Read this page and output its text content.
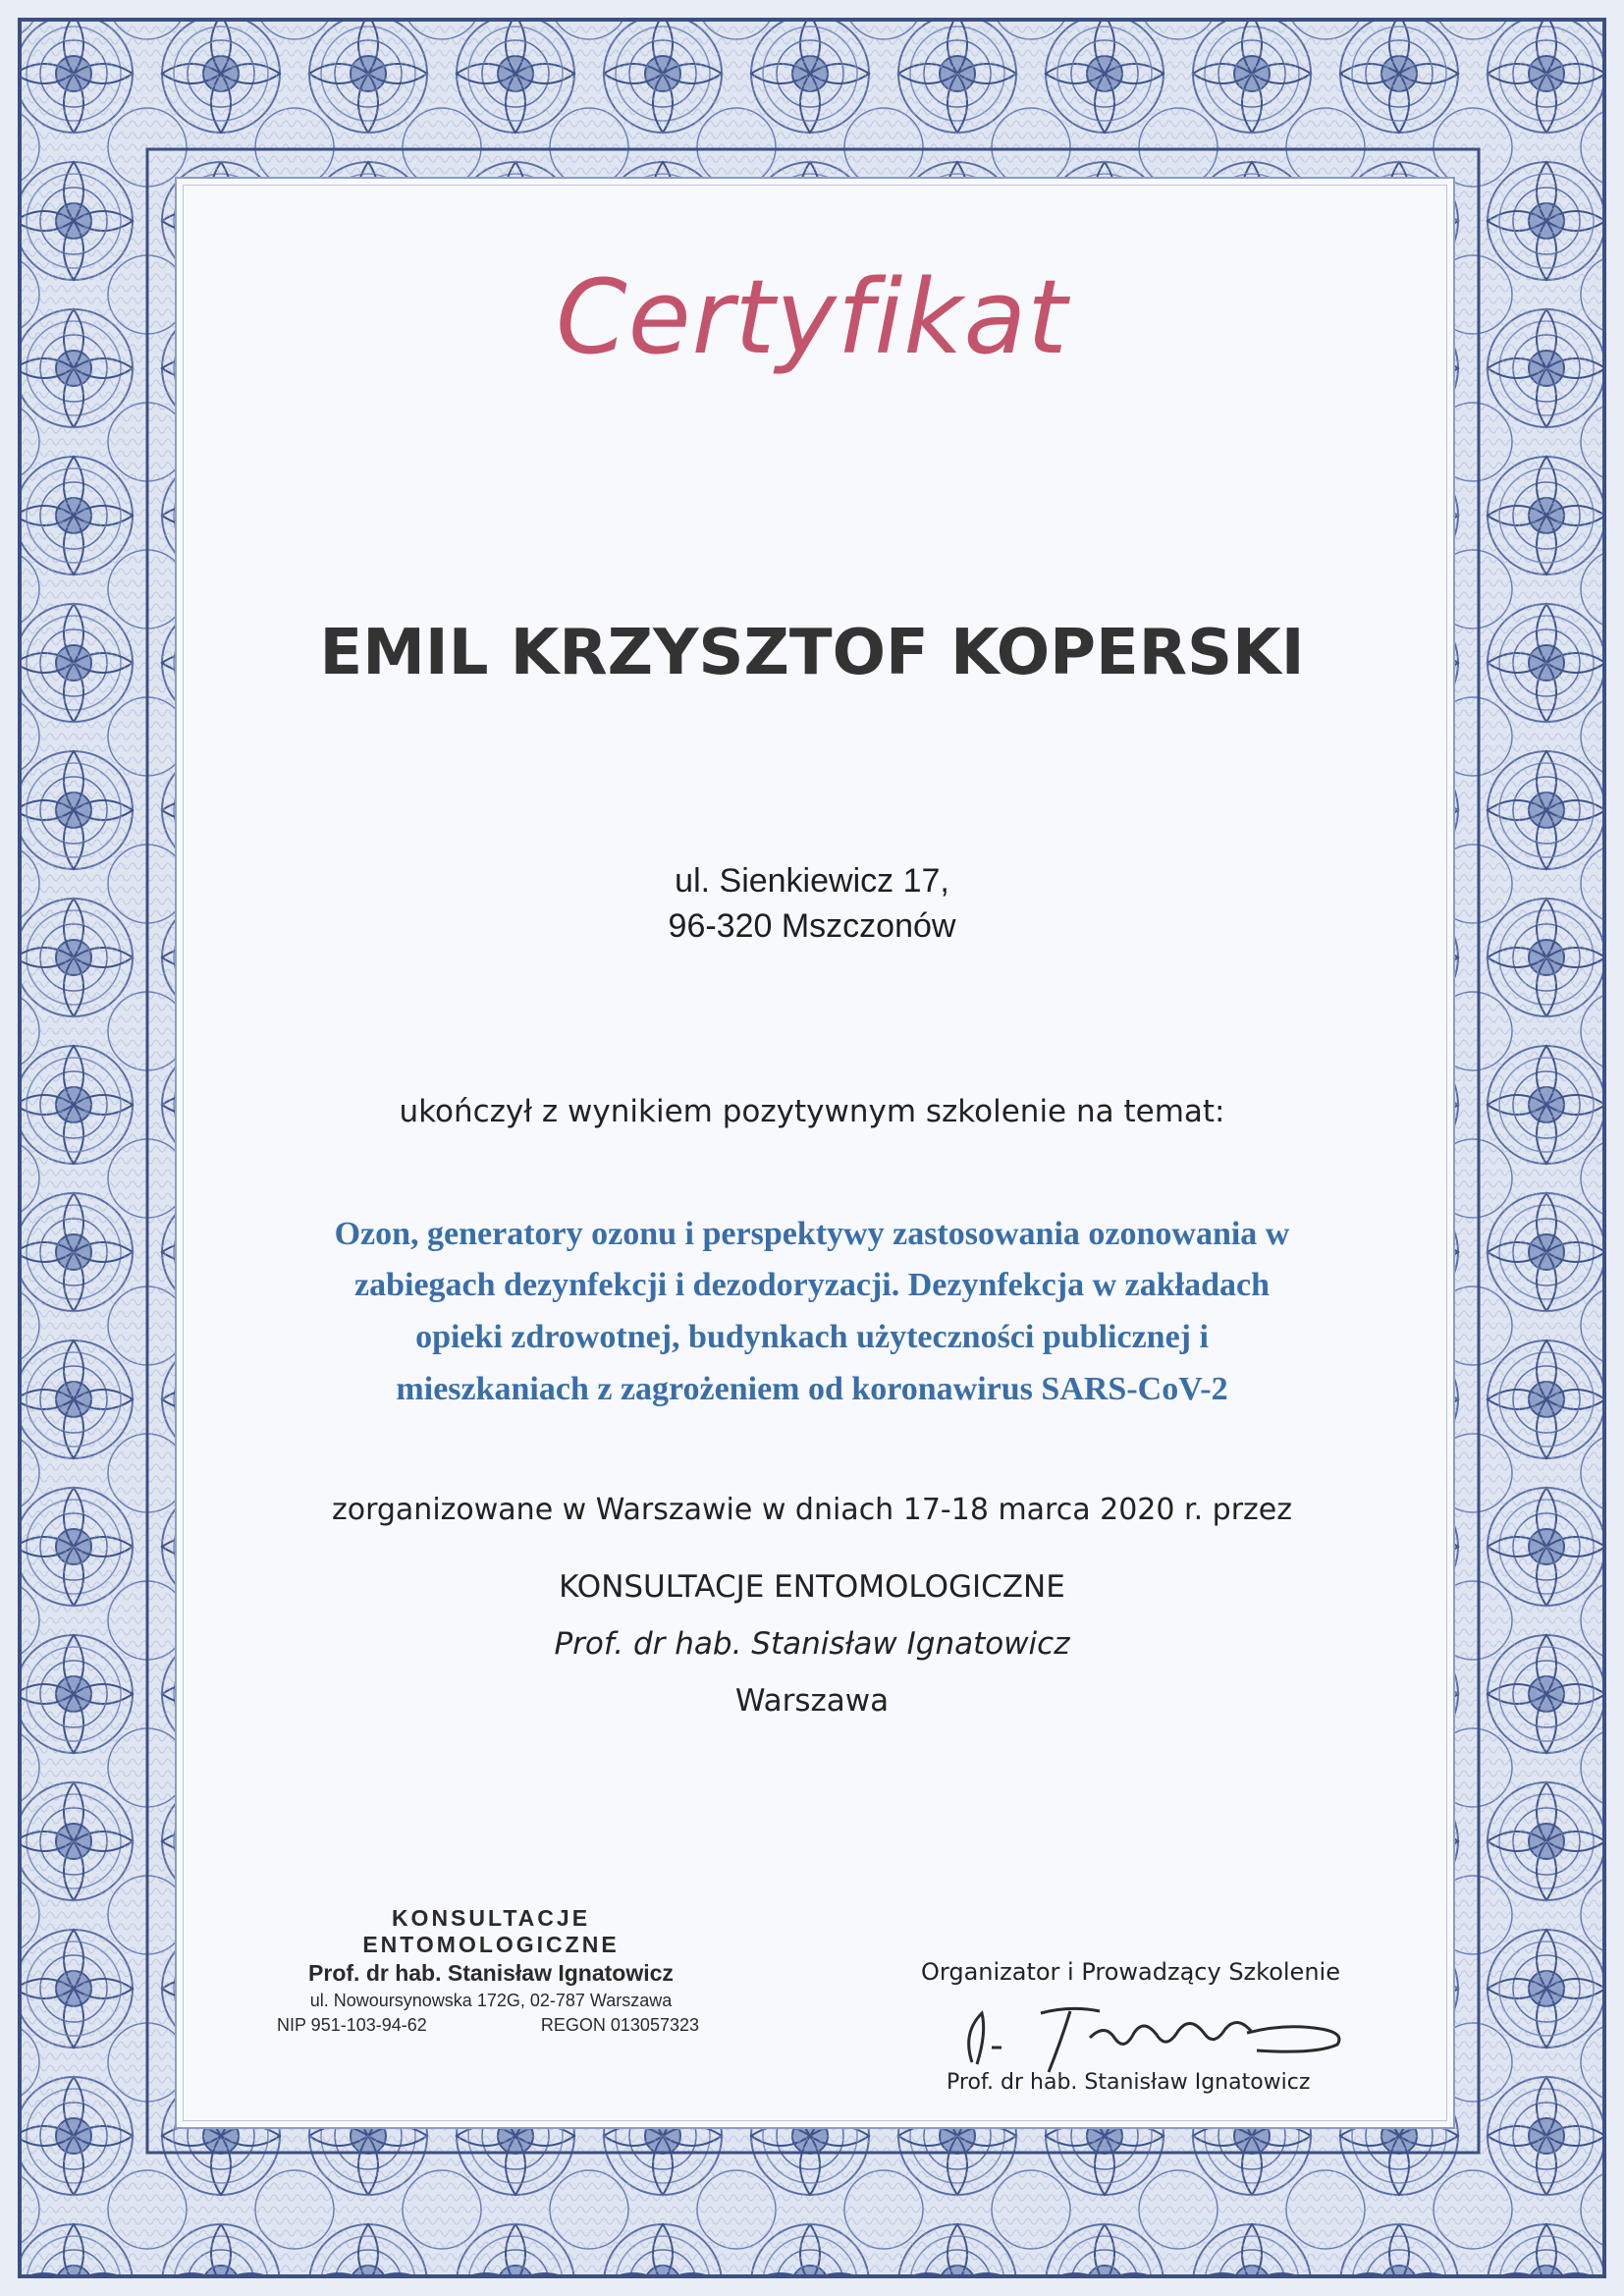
Certyfikat
EMIL KRZYSZTOF KOPERSKI
ul. Sienkiewicz 17,
96-320 Mszczonów
ukończył z wynikiem pozytywnym szkolenie na temat:
Ozon, generatory ozonu i perspektywy zastosowania ozonowania w
zabiegach dezynfekcji i dezodoryzacji. Dezynfekcja w zakładach
opieki zdrowotnej, budynkach użyteczności publicznej i
mieszkaniach z zagrożeniem od koronawirus SARS-CoV-2
zorganizowane w Warszawie w dniach 17-18 marca 2020 r. przez
KONSULTACJE ENTOMOLOGICZNE
Prof. dr hab. Stanisław Ignatowicz
Warszawa
KONSULTACJE ENTOMOLOGICZNE
Prof. dr hab. Stanisław Ignatowicz
ul. Nowoursynowska 172G, 02-787 Warszawa
NIP 951-103-94-62	REGON 013057323
Organizator i Prowadzący Szkolenie
Prof. dr hab. Stanisław Ignatowicz
